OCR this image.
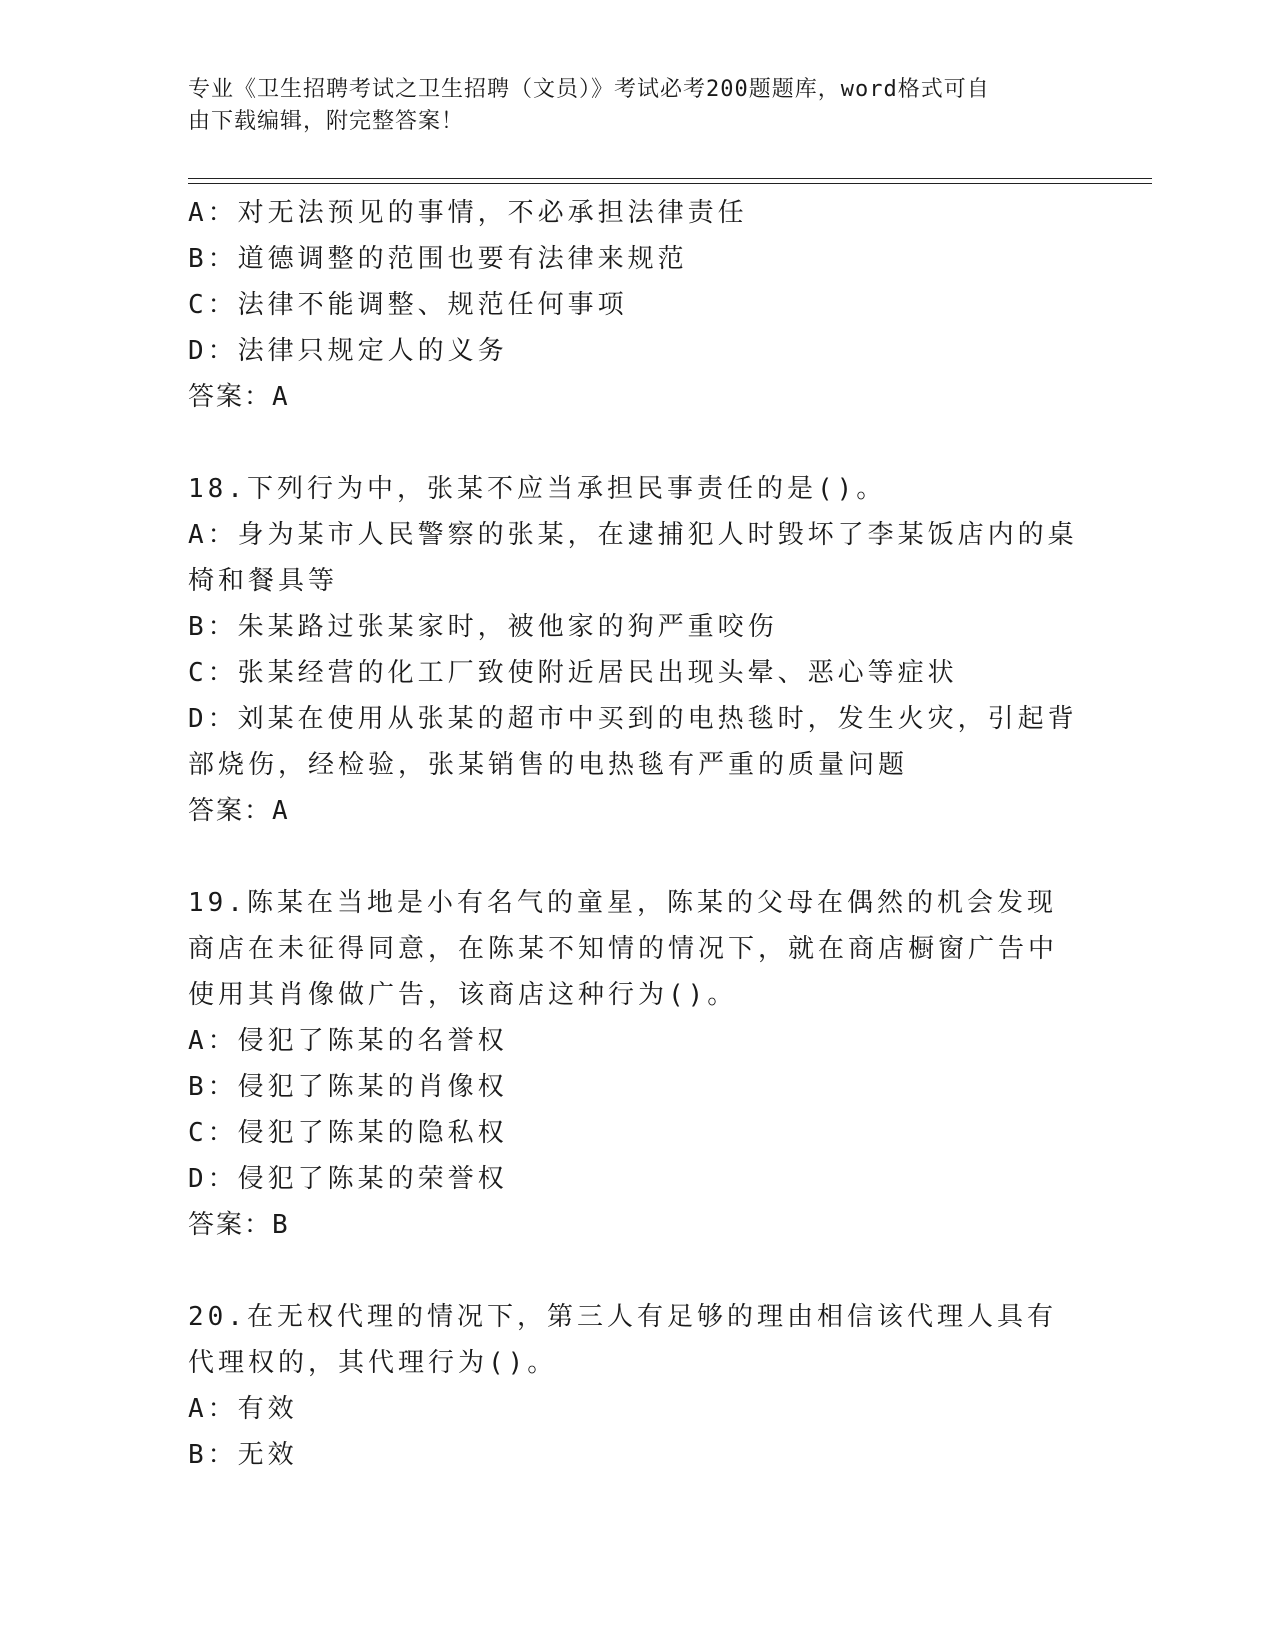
专业《卫生招聘考试之卫生招聘（文员）》考试必考200题题库，word格式可自
由下载编辑，附完整答案！

A：对无法预见的事情，不必承担法律责任

B：道德调整的范围也要有法律来规范

C：法律不能调整、规范任何事项

D：法律只规定人的义务

答案：A

18.下列行为中，张某不应当承担民事责任的是()。

A：身为某市人民警察的张某，在逮捕犯人时毁坏了李某饭店内的桌椅和餐具等

B：朱某路过张某家时，被他家的狗严重咬伤

C：张某经营的化工厂致使附近居民出现头晕、恶心等症状

D：刘某在使用从张某的超市中买到的电热毯时，发生火灾，引起背部烧伤，经检验，张某销售的电热毯有严重的质量问题

答案：A

19.陈某在当地是小有名气的童星，陈某的父母在偶然的机会发现商店在未征得同意，在陈某不知情的情况下，就在商店橱窗广告中使用其肖像做广告，该商店这种行为()。

A：侵犯了陈某的名誉权

B：侵犯了陈某的肖像权

C：侵犯了陈某的隐私权

D：侵犯了陈某的荣誉权

答案：B

20.在无权代理的情况下，第三人有足够的理由相信该代理人具有代理权的，其代理行为()。

A：有效

B：无效
